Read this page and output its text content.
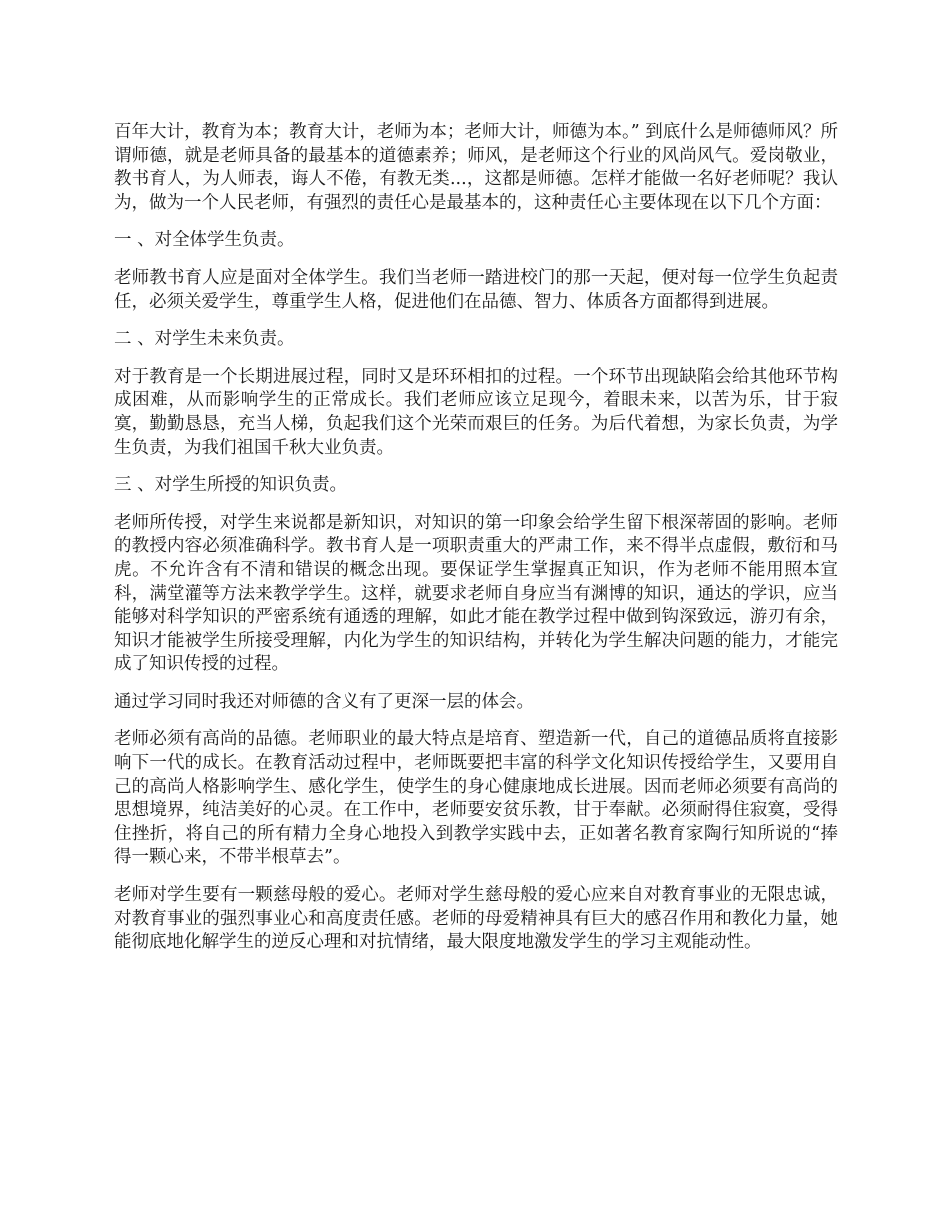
百年大计，教育为本；教育大计，老师为本；老师大计，师德为本。” 到底什么是师德师风？所谓师德，就是老师具备的最基本的道德素养；师风，是老师这个行业的风尚风气。爱岗敬业，教书育人，为人师表，诲人不倦，有教无类...，这都是师德。怎样才能做一名好老师呢？我认为，做为一个人民老师，有强烈的责任心是最基本的，这种责任心主要体现在以下几个方面：

一 、对全体学生负责。

老师教书育人应是面对全体学生。我们当老师一踏进校门的那一天起，便对每一位学生负起责任，必须关爱学生，尊重学生人格，促进他们在品德、智力、体质各方面都得到进展。

二 、对学生未来负责。

对于教育是一个长期进展过程，同时又是环环相扣的过程。一个环节出现缺陷会给其他环节构成困难，从而影响学生的正常成长。我们老师应该立足现今，着眼未来，以苦为乐，甘于寂寞，勤勤恳恳，充当人梯，负起我们这个光荣而艰巨的任务。为后代着想，为家长负责，为学生负责，为我们祖国千秋大业负责。

三 、对学生所授的知识负责。

老师所传授，对学生来说都是新知识，对知识的第一印象会给学生留下根深蒂固的影响。老师的教授内容必须准确科学。教书育人是一项职责重大的严肃工作，来不得半点虚假，敷衍和马虎。不允许含有不清和错误的概念出现。要保证学生掌握真正知识，作为老师不能用照本宣科，满堂灌等方法来教学学生。这样，就要求老师自身应当有渊博的知识，通达的学识，应当能够对科学知识的严密系统有通透的理解，如此才能在教学过程中做到钩深致远，游刃有余，知识才能被学生所接受理解，内化为学生的知识结构，并转化为学生解决问题的能力，才能完成了知识传授的过程。

通过学习同时我还对师德的含义有了更深一层的体会。

老师必须有高尚的品德。老师职业的最大特点是培育、塑造新一代，自己的道德品质将直接影响下一代的成长。在教育活动过程中，老师既要把丰富的科学文化知识传授给学生，又要用自己的高尚人格影响学生、感化学生，使学生的身心健康地成长进展。因而老师必须要有高尚的思想境界，纯洁美好的心灵。在工作中，老师要安贫乐教，甘于奉献。必须耐得住寂寞，受得住挫折，将自己的所有精力全身心地投入到教学实践中去，正如著名教育家陶行知所说的“捧得一颗心来，不带半根草去”。

老师对学生要有一颗慈母般的爱心。老师对学生慈母般的爱心应来自对教育事业的无限忠诚，对教育事业的强烈事业心和高度责任感。老师的母爱精神具有巨大的感召作用和教化力量，她能彻底地化解学生的逆反心理和对抗情绪，最大限度地激发学生的学习主观能动性。
